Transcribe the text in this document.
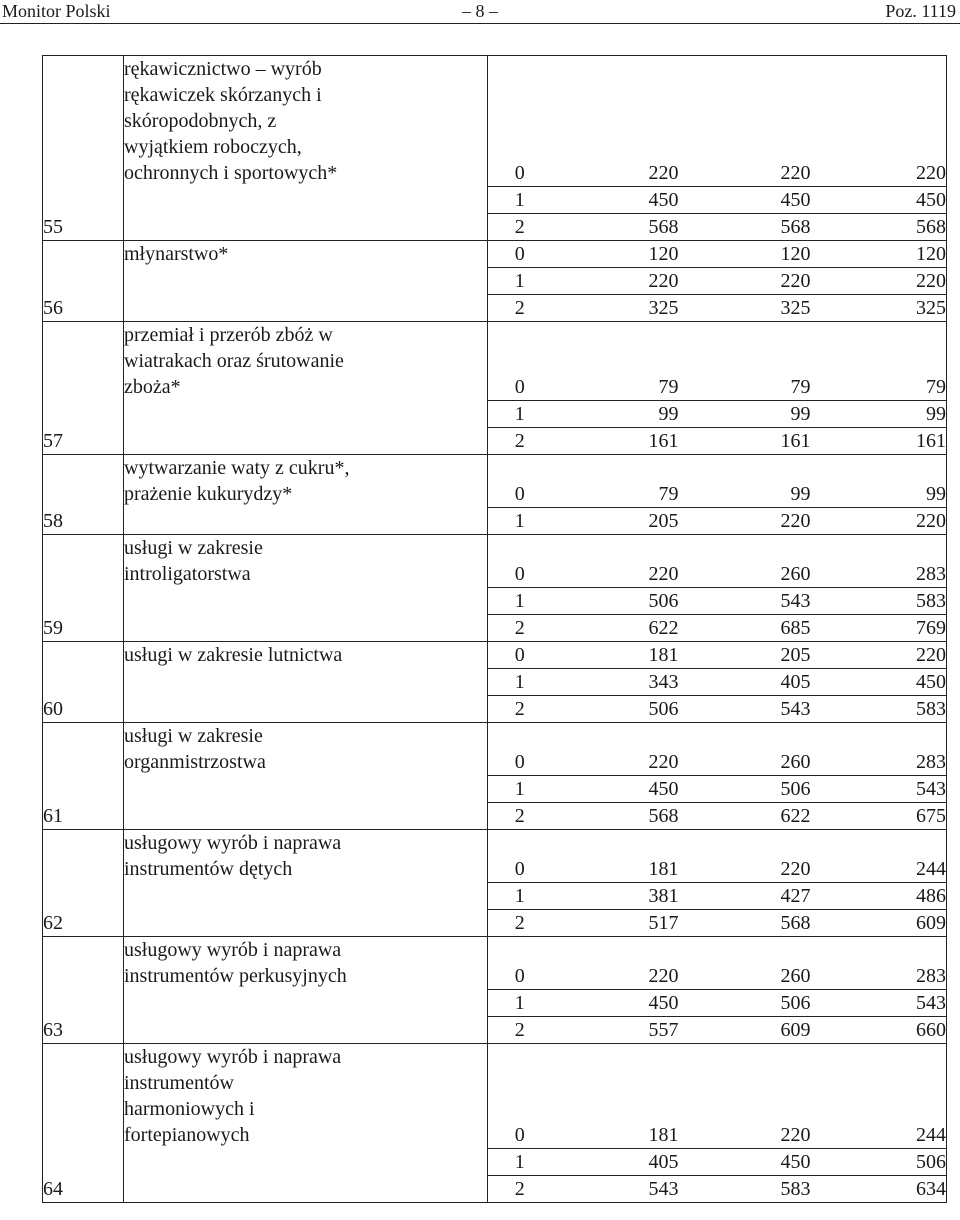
– 8 –
Monitor Polski	Poz. 1119
55	rękawicznictwo – wyrób
rękawiczek skórzanych i
skóropodobnych, z
wyjątkiem roboczych,
ochronnych i sportowych*	0	220	220	220
		1	450	450	450
		2	568	568	568
56	młynarstwo*	0	120	120	120
		1	220	220	220
		2	325	325	325
57	przemiał i przerób zbóż w
wiatrakach oraz śrutowanie
zboża*	0	79	79	79
		1	99	99	99
		2	161	161	161
58	wytwarzanie waty z cukru*,
prażenie kukurydzy*	0	79	99	99
		1	205	220	220
59	usługi w zakresie
introligatorstwa	0	220	260	283
		1	506	543	583
		2	622	685	769
60	usługi w zakresie lutnictwa	0	181	205	220
		1	343	405	450
		2	506	543	583
61	usługi w zakresie
organmistrzostwa	0	220	260	283
		1	450	506	543
		2	568	622	675
62	usługowy wyrób i naprawa
instrumentów dętych	0	181	220	244
		1	381	427	486
		2	517	568	609
63	usługowy wyrób i naprawa
instrumentów perkusyjnych	0	220	260	283
		1	450	506	543
		2	557	609	660
64	usługowy wyrób i naprawa
instrumentów
harmoniowych i
fortepianowych	0	181	220	244
		1	405	450	506
		2	543	583	634
